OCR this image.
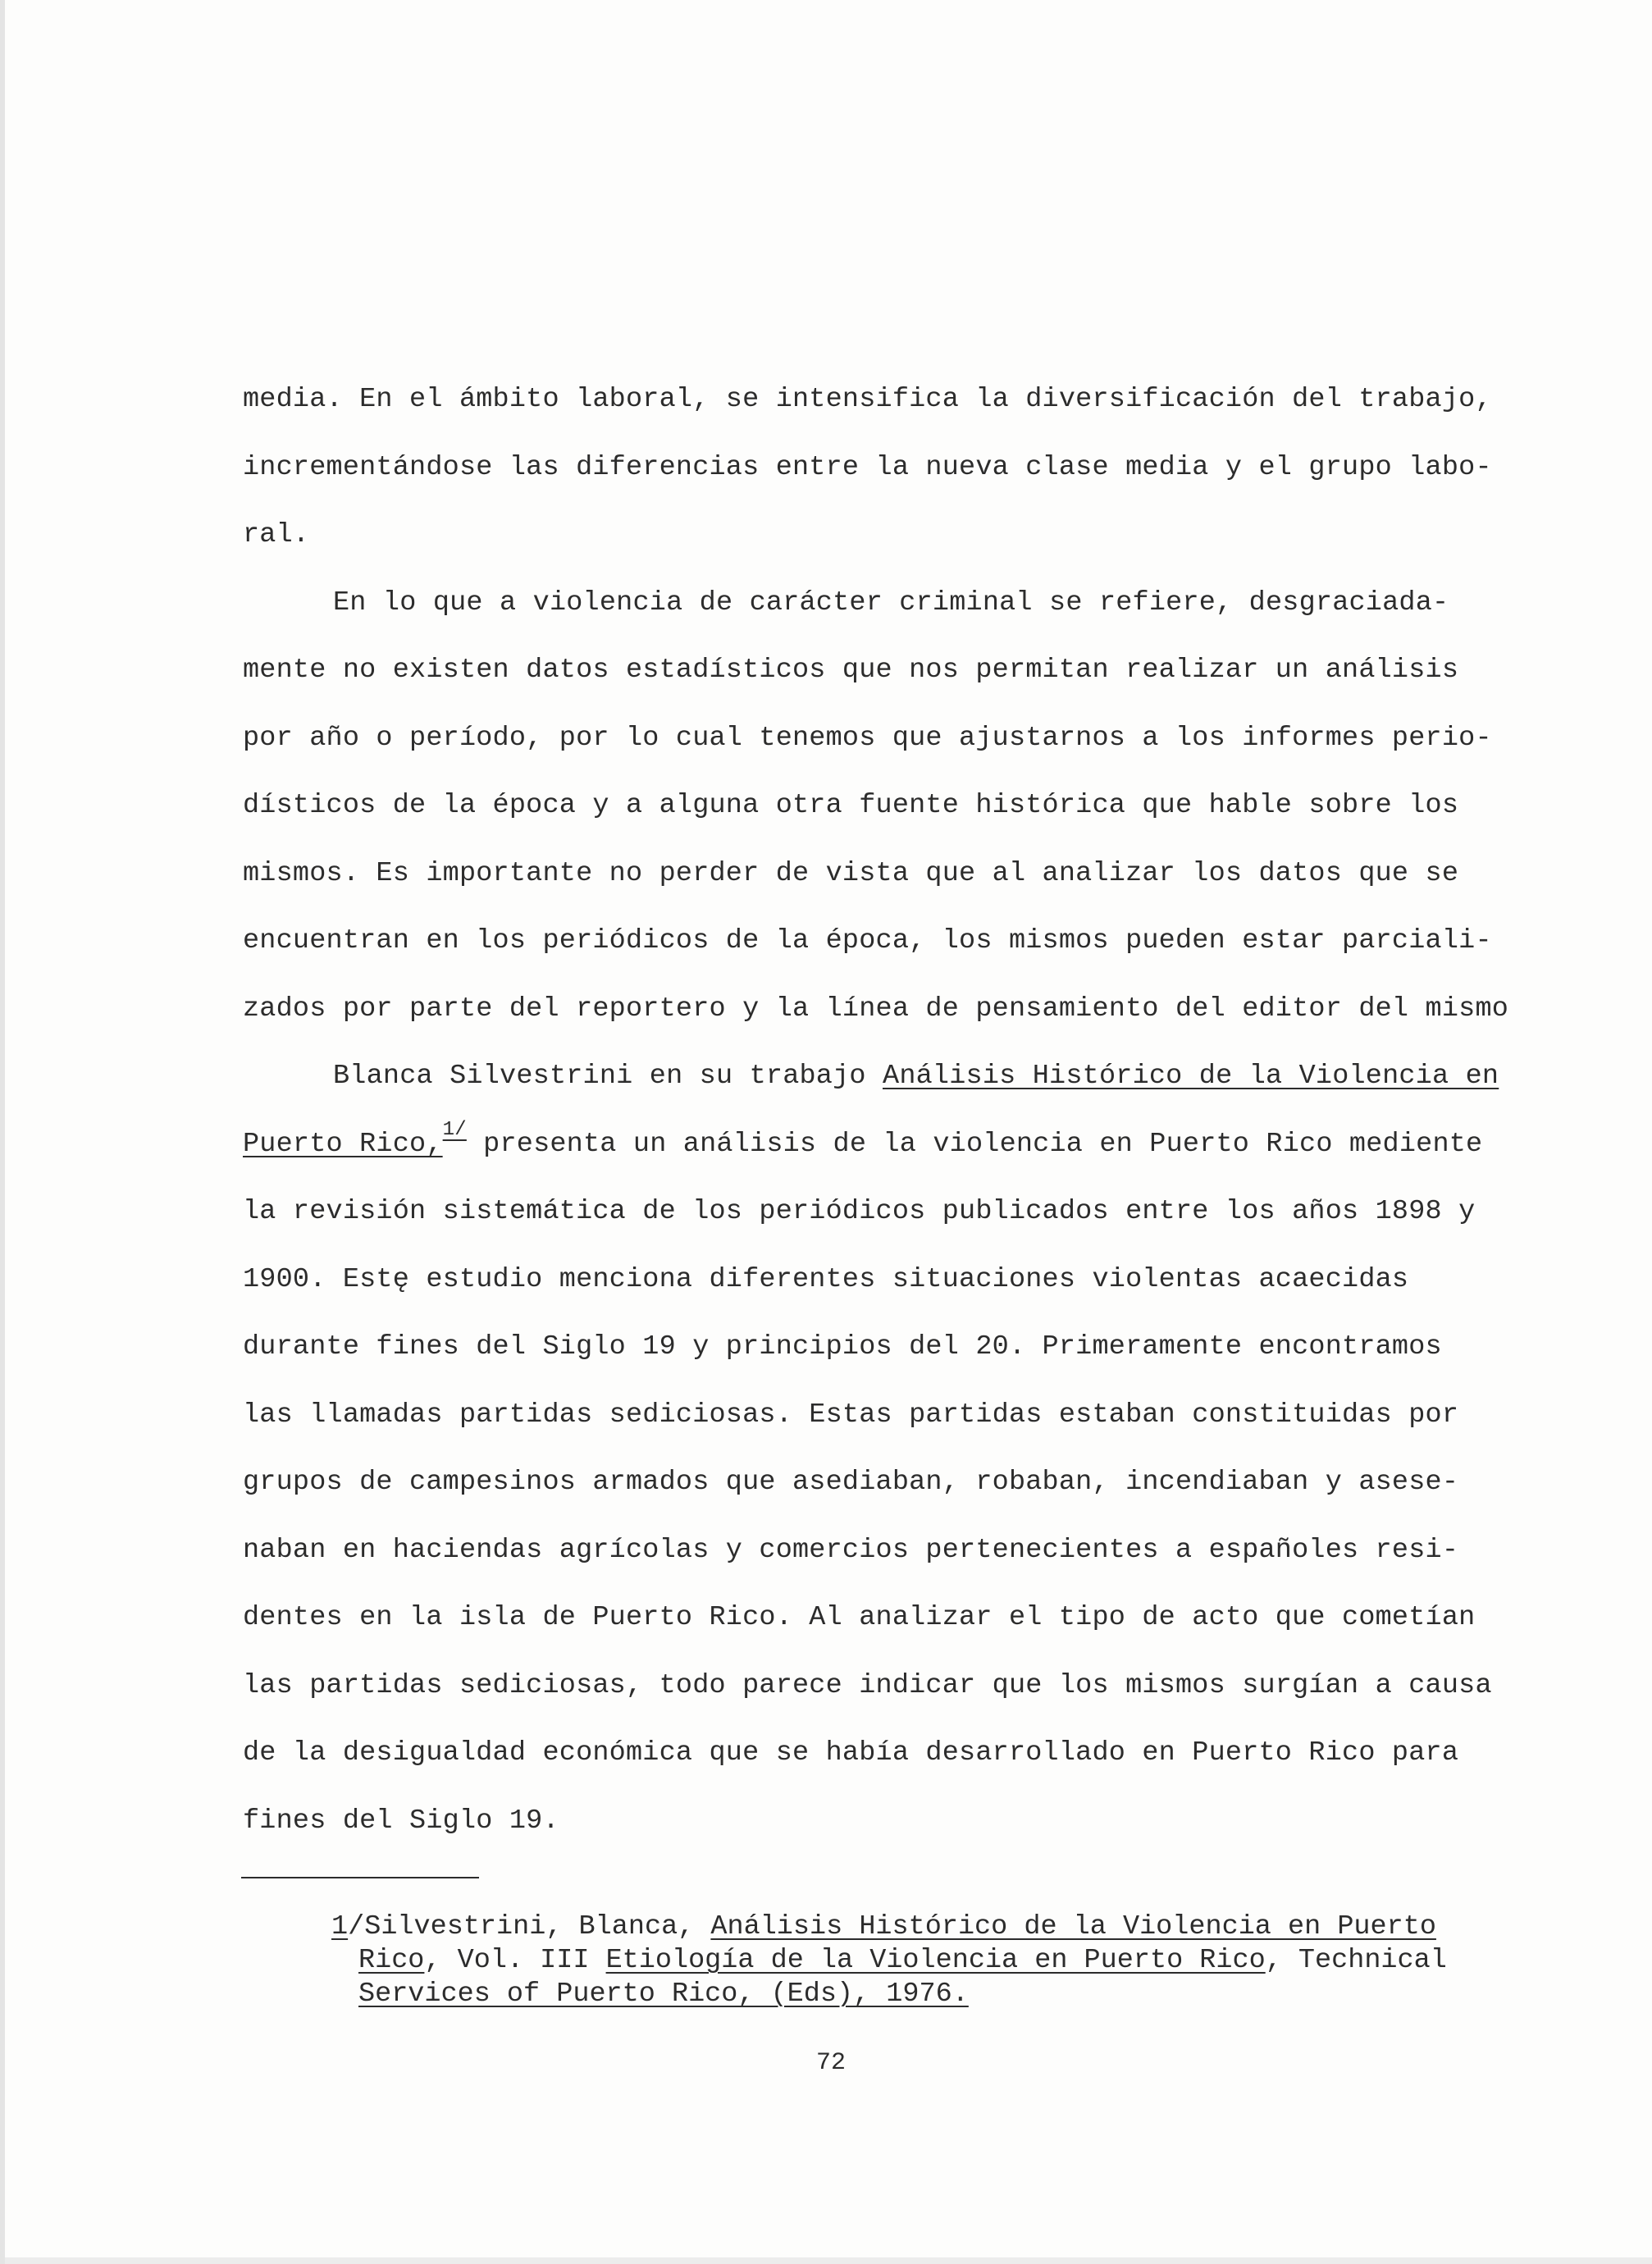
media. En el ámbito laboral, se intensifica la diversificación del trabajo,
incrementándose las diferencias entre la nueva clase media y el grupo labo-
ral.
En lo que a violencia de carácter criminal se refiere, desgraciada-
mente no existen datos estadísticos que nos permitan realizar un análisis
por año o período, por lo cual tenemos que ajustarnos a los informes perio-
dísticos de la época y a alguna otra fuente histórica que hable sobre los
mismos. Es importante no perder de vista que al analizar los datos que se
encuentran en los periódicos de la época, los mismos pueden estar parciali-
zados por parte del reportero y la línea de pensamiento del editor del mismo
Blanca Silvestrini en su trabajo Análisis Histórico de la Violencia en
Puerto Rico,$^{1/}$ presenta un análisis de la violencia en Puerto Rico mediente
la revisión sistemática de los periódicos publicados entre los años 1898 y
1900. Estę estudio menciona diferentes situaciones violentas acaecidas
durante fines del Siglo 19 y principios del 20. Primeramente encontramos
las llamadas partidas sediciosas. Estas partidas estaban constituidas por
grupos de campesinos armados que asediaban, robaban, incendiaban y asese-
naban en haciendas agrícolas y comercios pertenecientes a españoles resi-
dentes en la isla de Puerto Rico. Al analizar el tipo de acto que cometían
las partidas sediciosas, todo parece indicar que los mismos surgían a causa
de la desigualdad económica que se había desarrollado en Puerto Rico para
fines del Siglo 19.
1/Silvestrini, Blanca, Análisis Histórico de la Violencia en Puerto
Rico, Vol. III Etiología de la Violencia en Puerto Rico, Technical
Services of Puerto Rico, (Eds), 1976.
72
